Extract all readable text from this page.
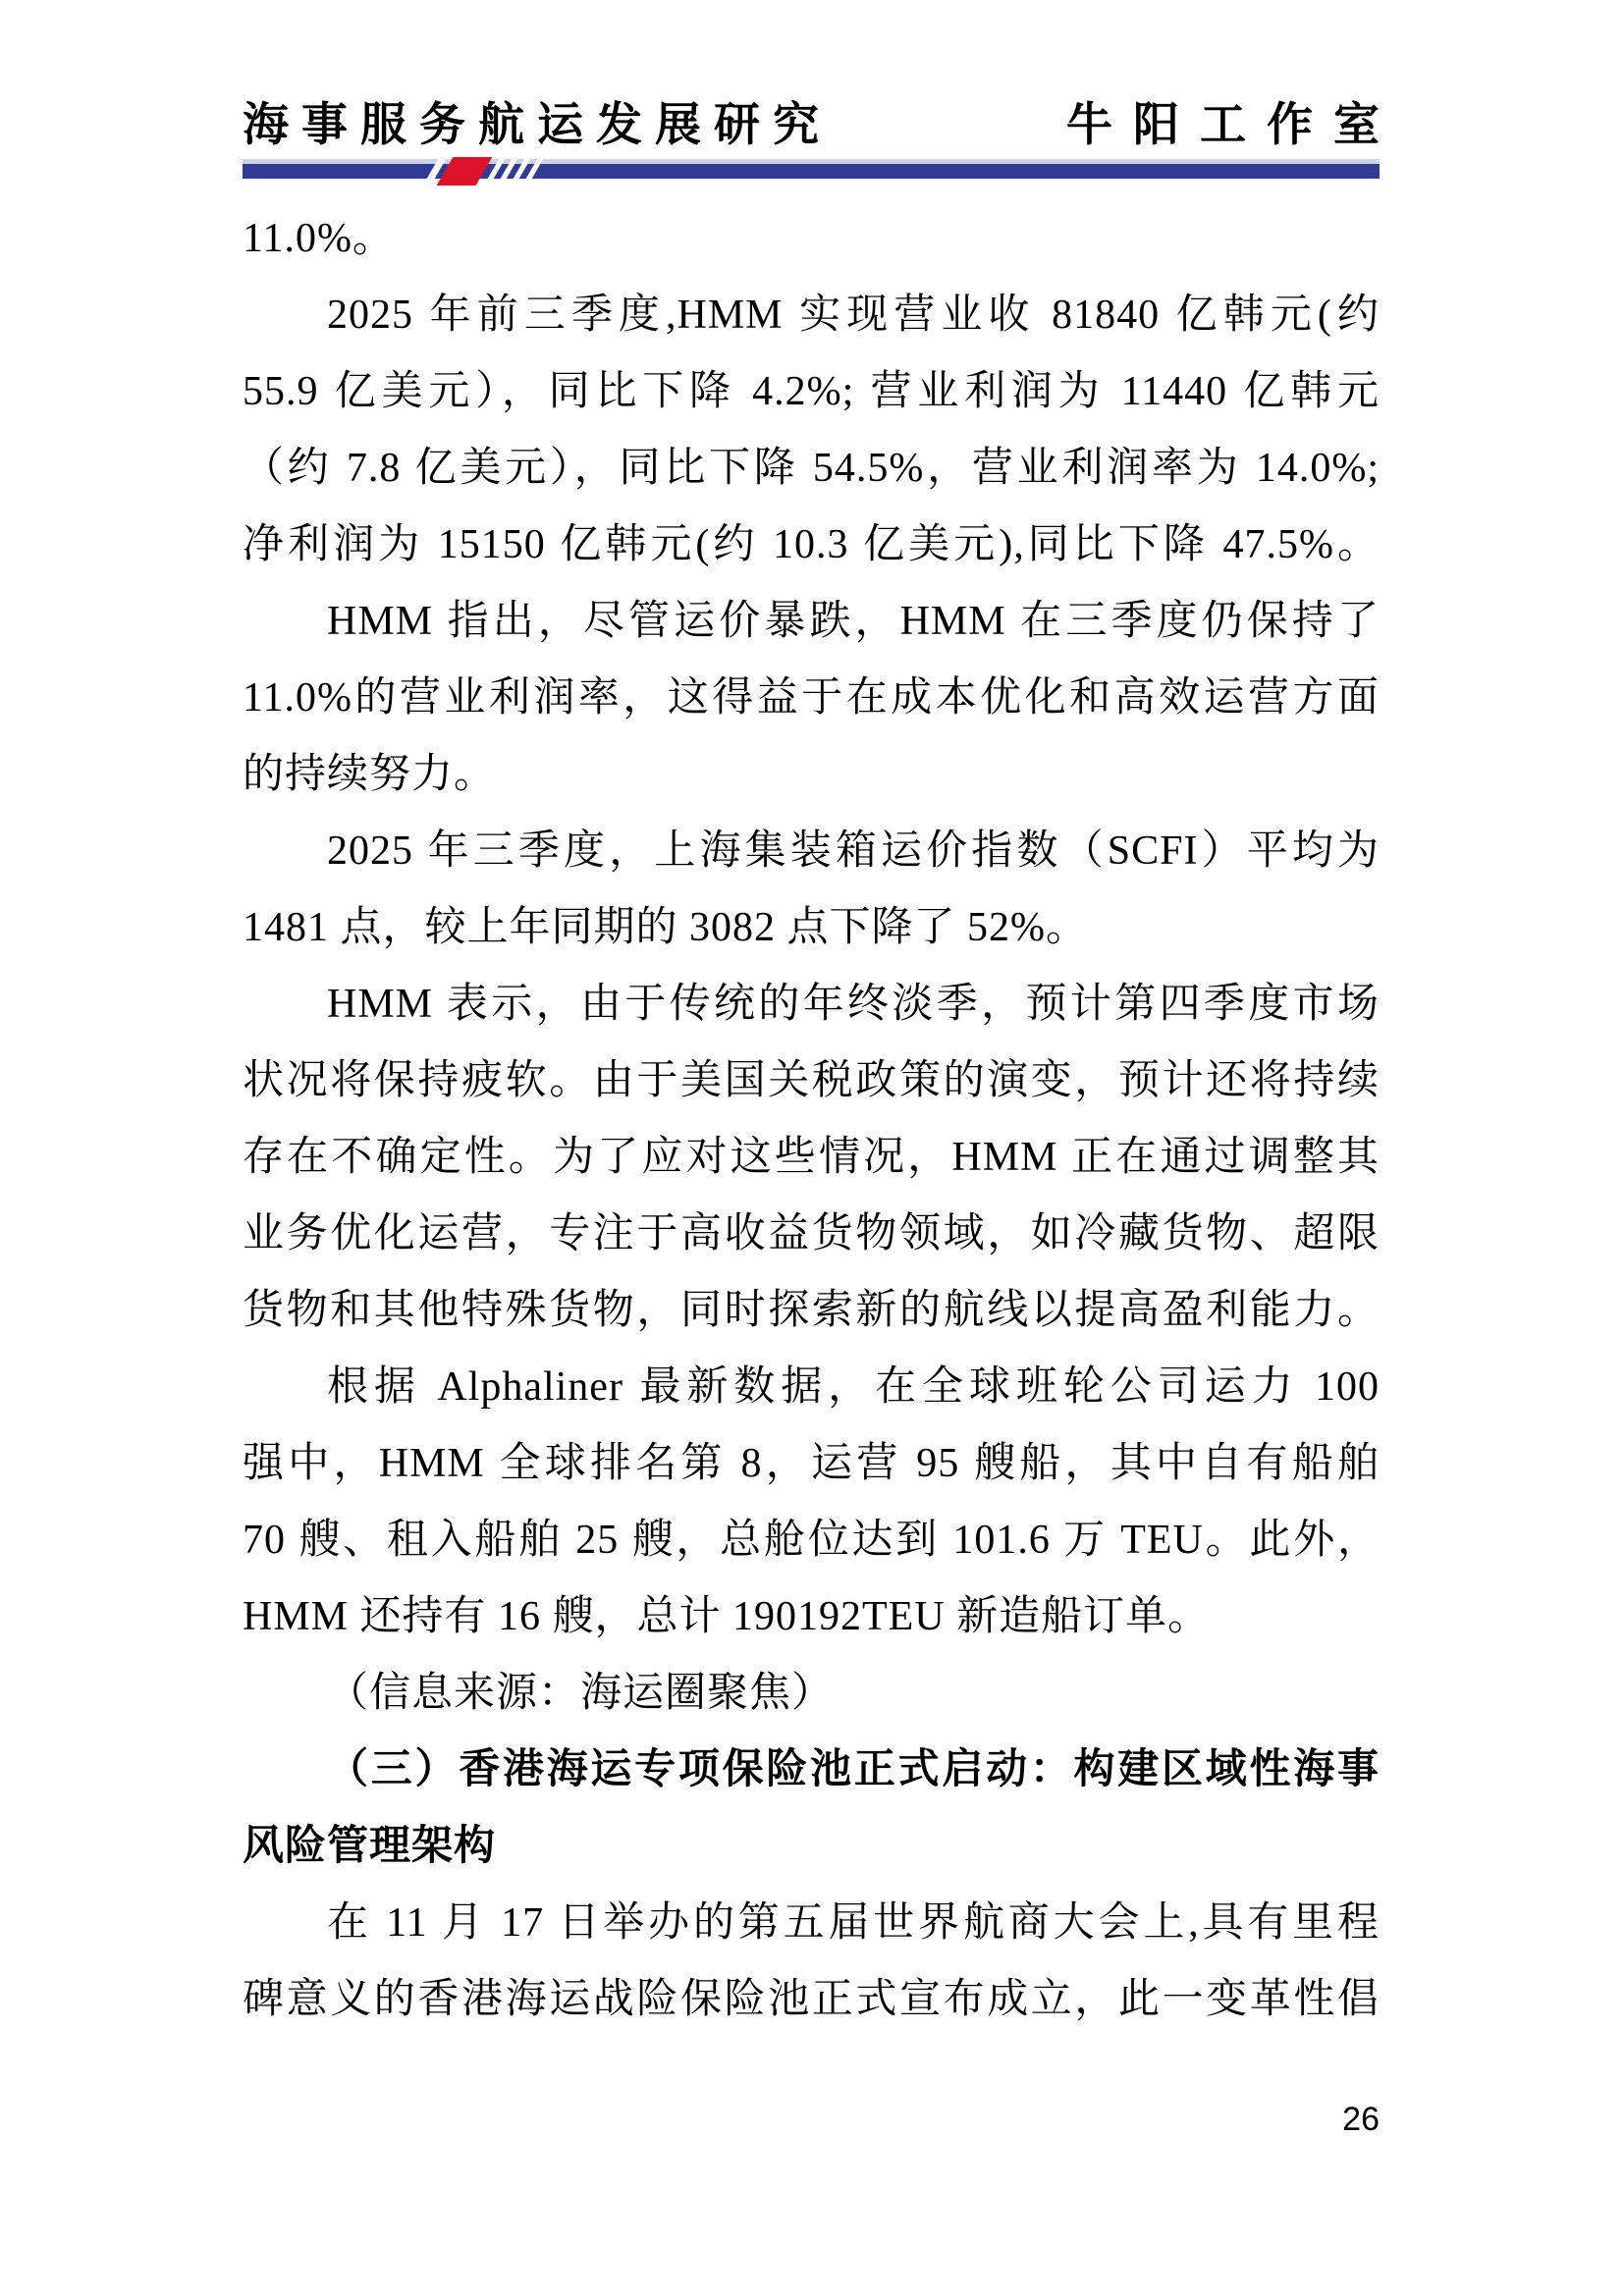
海事服务航运发展研究	牛阳工作室
11.0%。
2025 年前三季度,HMM 实现营业收 81840 亿韩元(约
55.9 亿美元），同比下降 4.2%; 营业利润为 11440 亿韩元
（约 7.8 亿美元），同比下降 54.5%，营业利润率为 14.0%;
净利润为 15150 亿韩元(约 10.3 亿美元),同比下降 47.5%。
HMM 指出，尽管运价暴跌，HMM 在三季度仍保持了
11.0%的营业利润率，这得益于在成本优化和高效运营方面
的持续努力。
2025 年三季度，上海集装箱运价指数（SCFI）平均为
1481 点，较上年同期的 3082 点下降了 52%。
HMM 表示，由于传统的年终淡季，预计第四季度市场
状况将保持疲软。由于美国关税政策的演变，预计还将持续
存在不确定性。为了应对这些情况，HMM 正在通过调整其
业务优化运营，专注于高收益货物领域，如冷藏货物、超限
货物和其他特殊货物，同时探索新的航线以提高盈利能力。
根据 Alphaliner 最新数据，在全球班轮公司运力 100
强中，HMM 全球排名第 8，运营 95 艘船，其中自有船舶
70 艘、租入船舶 25 艘，总舱位达到 101.6 万 TEU。此外，
HMM 还持有 16 艘，总计 190192TEU 新造船订单。
（信息来源：海运圈聚焦）
（三）香港海运专项保险池正式启动：构建区域性海事
风险管理架构
在 11 月 17 日举办的第五届世界航商大会上,具有里程
碑意义的香港海运战险保险池正式宣布成立，此一变革性倡
26
